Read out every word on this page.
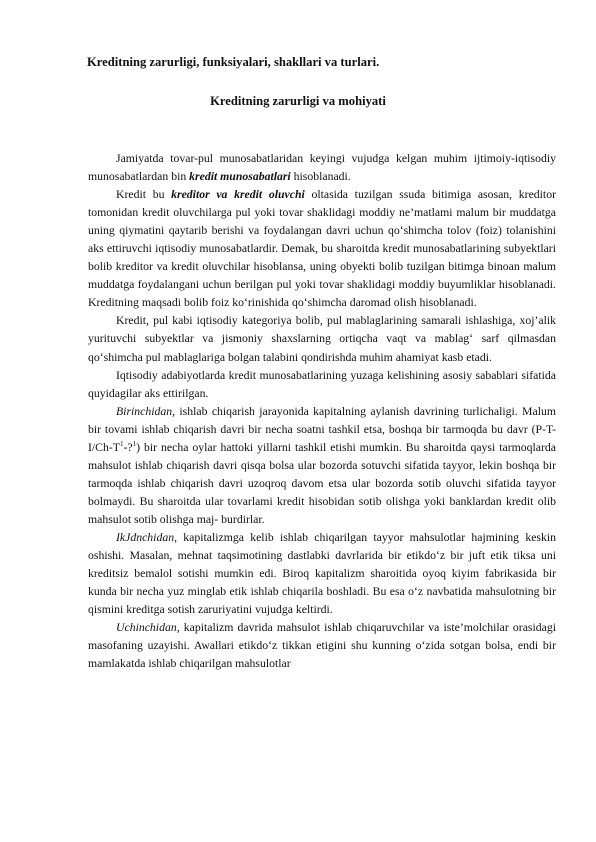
Kreditning zarurligi, funksiyalari, shakllari va turlari.
Kreditning zarurligi va mohiyati

Jamiyatda tovar-pul munosabatlaridan keyingi vujudga kelgan muhim ijtimoiy-iqtisodiy munosabatlardan bin kredit munosabatlari hisoblanadi.

Kredit bu kreditor va kredit oluvchi oltasida tuzilgan ssuda bitimiga asosan, kreditor tomonidan kredit oluvchilarga pul yoki tovar shaklidagi moddiy ne’matlami malum bir muddatga uning qiymatini qaytarib berishi va foydalangan davri uchun qo‘shimcha tolov (foiz) tolanishini aks ettiruvchi iqtisodiy munosabatlardir. Demak, bu sharoitda kredit munosabatlarining subyektlari bolib kreditor va kredit oluvchilar hisoblansa, uning obyekti bolib tuzilgan bitimga binoan malum muddatga foydalangani uchun berilgan pul yoki tovar shaklidagi moddiy buyumliklar hisoblanadi. Kreditning maqsadi bolib foiz ko‘rinishida qo‘shimcha daromad olish hisoblanadi.

Kredit, pul kabi iqtisodiy kategoriya bolib, pul mablaglarining samarali ishlashiga, xoj’alik yurituvchi subyektlar va jismoniy shaxslarning ortiqcha vaqt va mablag‘ sarf qilmasdan qo‘shimcha pul mablaglariga bolgan talabini qondirishda muhim ahamiyat kasb etadi.

Iqtisodiy adabiyotlarda kredit munosabatlarining yuzaga kelishining asosiy sabablari sifatida quyidagilar aks ettirilgan.

Birinchidan, ishlab chiqarish jarayonida kapitalning aylanish davrining turlichaligi. Malum bir tovami ishlab chiqarish davri bir necha soatni tashkil etsa, boshqa bir tarmoqda bu davr $(P-T-I/Ch-T^1-?^1)$ bir necha oylar hattoki yillarni tashkil etishi mumkin. Bu sharoitda qaysi tarmoqlarda mahsulot ishlab chiqarish davri qisqa bolsa ular bozorda sotuvchi sifatida tayyor, lekin boshqa bir tarmoqda ishlab chiqarish davri uzoqroq davom etsa ular bozorda sotib oluvchi sifatida tayyor bolmaydi. Bu sharoitda ular tovarlami kredit hisobidan sotib olishga yoki banklardan kredit olib mahsulot sotib olishga maj- burdirlar.

IkJdnchidan, kapitalizmga kelib ishlab chiqarilgan tayyor mahsulotlar hajmining keskin oshishi. Masalan, mehnat taqsimotining dastlabki davrlarida bir etikdo‘z bir juft etik tiksa uni kreditsiz bemalol sotishi mumkin edi. Biroq kapitalizm sharoitida oyoq kiyim fabrikasida bir kunda bir necha yuz minglab etik ishlab chiqarila boshladi. Bu esa o‘z navbatida mahsulotning bir qismini kreditga sotish zaruriyatini vujudga keltirdi.

Uchinchidan, kapitalizm davrida mahsulot ishlab chiqaruvchilar va iste’molchilar orasidagi masofaning uzayishi. Awallari etikdo‘z tikkan etigini shu kunning o‘zida sotgan bolsa, endi bir mamlakatda ishlab chiqarilgan mahsulotlar
